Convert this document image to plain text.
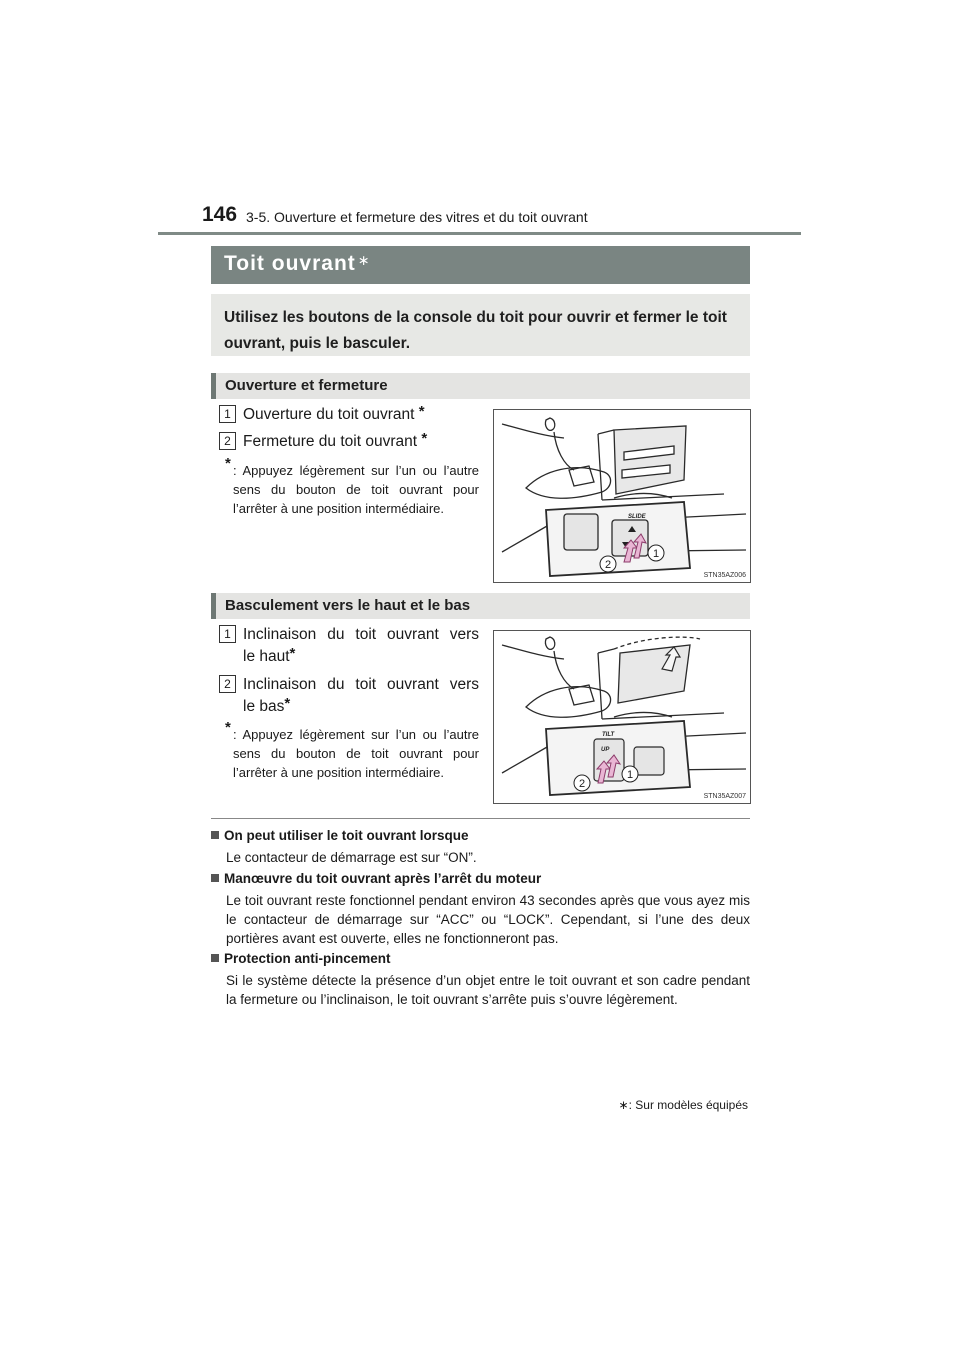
146 3-5. Ouverture et fermeture des vitres et du toit ouvrant
Toit ouvrant ∗

Utilisez les boutons de la console du toit pour ouvrir et fermer le toit ouvrant, puis le basculer.

Ouverture et fermeture
1 Ouverture du toit ouvrant *
2 Fermeture du toit ouvrant *
* : Appuyez légèrement sur l’un ou l’autre sens du bouton de toit ouvrant pour l’arrêter à une position intermédiaire.
SLIDE
1
2
STN35AZ006
Basculement vers le haut et le bas
1 Inclinaison du toit ouvrant vers
le haut*
2 Inclinaison du toit ouvrant vers
le bas*
* : Appuyez légèrement sur l’un ou l’autre sens du bouton de toit ouvrant pour l’arrêter à une position intermédiaire.
TILT
UP
1
2
STN35AZ007
On peut utiliser le toit ouvrant lorsque
Le contacteur de démarrage est sur “ON”.
Manœuvre du toit ouvrant après l’arrêt du moteur
Le toit ouvrant reste fonctionnel pendant environ 43 secondes après que vous ayez mis le contacteur de démarrage sur “ACC” ou “LOCK”. Cependant, si l’une des deux portières avant est ouverte, elles ne fonctionneront pas.
Protection anti-pincement
Si le système détecte la présence d’un objet entre le toit ouvrant et son cadre pendant la fermeture ou l’inclinaison, le toit ouvrant s’arrête puis s’ouvre légèrement.
∗: Sur modèles équipés
